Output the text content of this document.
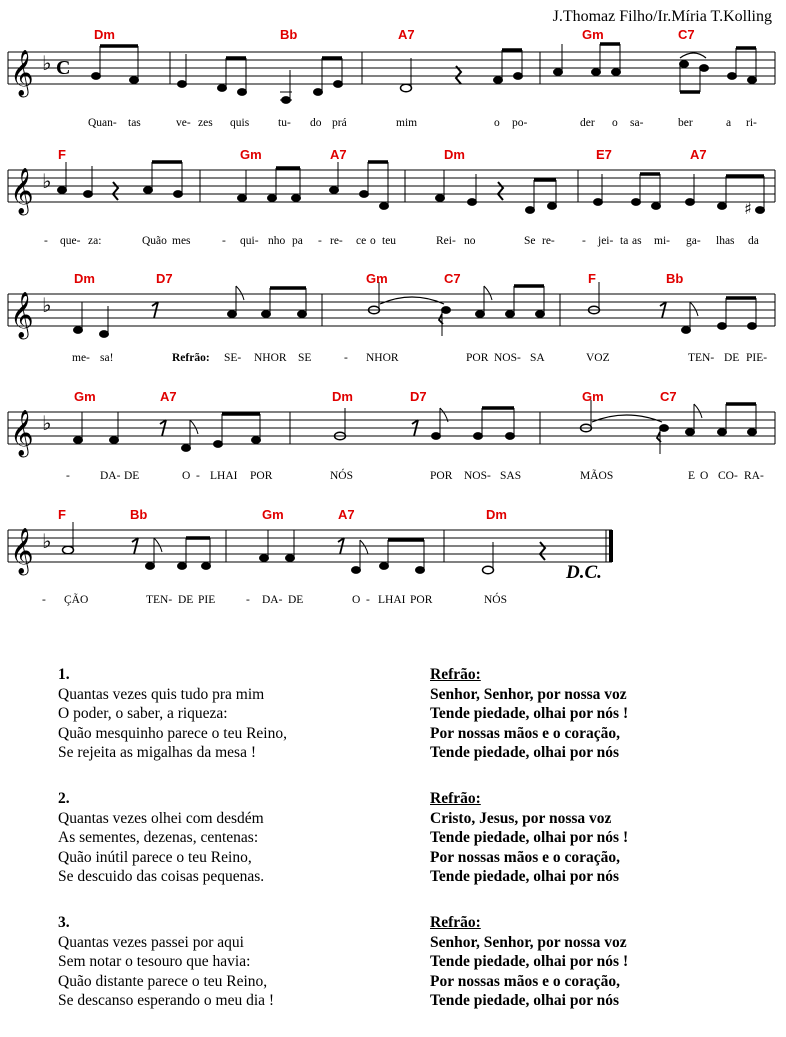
J.Thomaz Filho/Ir.Míria T.Kolling
𝄞 ♭ C
Dm	Bb	A7	Gm	C7
Quan- tas	ve- zes quis	tu- do prá	mim	o po-	der o sa-	ber	a ri-
𝄞 ♭
♯
F	Gm	A7	Dm	E7	A7
- que- za:	Quão mes	- qui- nho pa - re- ce o teu	Rei- no	Se re- - jei- ta as mi- ga- lhas da
𝄞 ♭
Dm	D7	Gm	C7	F	Bb
me- sa!	Refrão: SE- NHOR SE	- NHOR	POR NOS- SA	VOZ	TEN- DE PIE-
𝄞 ♭
Gm	A7	Dm	D7	Gm	C7
-	DA- DE	O - LHAI POR	NÓS	POR NOS- SAS	MÃOS	E O CO- RA-
𝄞 ♭
D.C.
F	Bb	Gm	A7	Dm
- ÇÃO	TEN- DE PIE	- DA- DE	O - LHAI POR	NÓS
1.
Quantas vezes quis tudo pra mim
O poder, o saber, a riqueza:
Quão mesquinho parece o teu Reino,
Se rejeita as migalhas da mesa !
2.
Quantas vezes olhei com desdém
As sementes, dezenas, centenas:
Quão inútil parece o teu Reino,
Se descuido das coisas pequenas.
3.
Quantas vezes passei por aqui
Sem notar o tesouro que havia:
Quão distante parece o teu Reino,
Se descanso esperando o meu dia !
Refrão:
Senhor, Senhor, por nossa voz
Tende piedade, olhai por nós !
Por nossas mãos e o coração,
Tende piedade, olhai por nós
Refrão:
Cristo, Jesus, por nossa voz
Tende piedade, olhai por nós !
Por nossas mãos e o coração,
Tende piedade, olhai por nós
Refrão:
Senhor, Senhor, por nossa voz
Tende piedade, olhai por nós !
Por nossas mãos e o coração,
Tende piedade, olhai por nós
